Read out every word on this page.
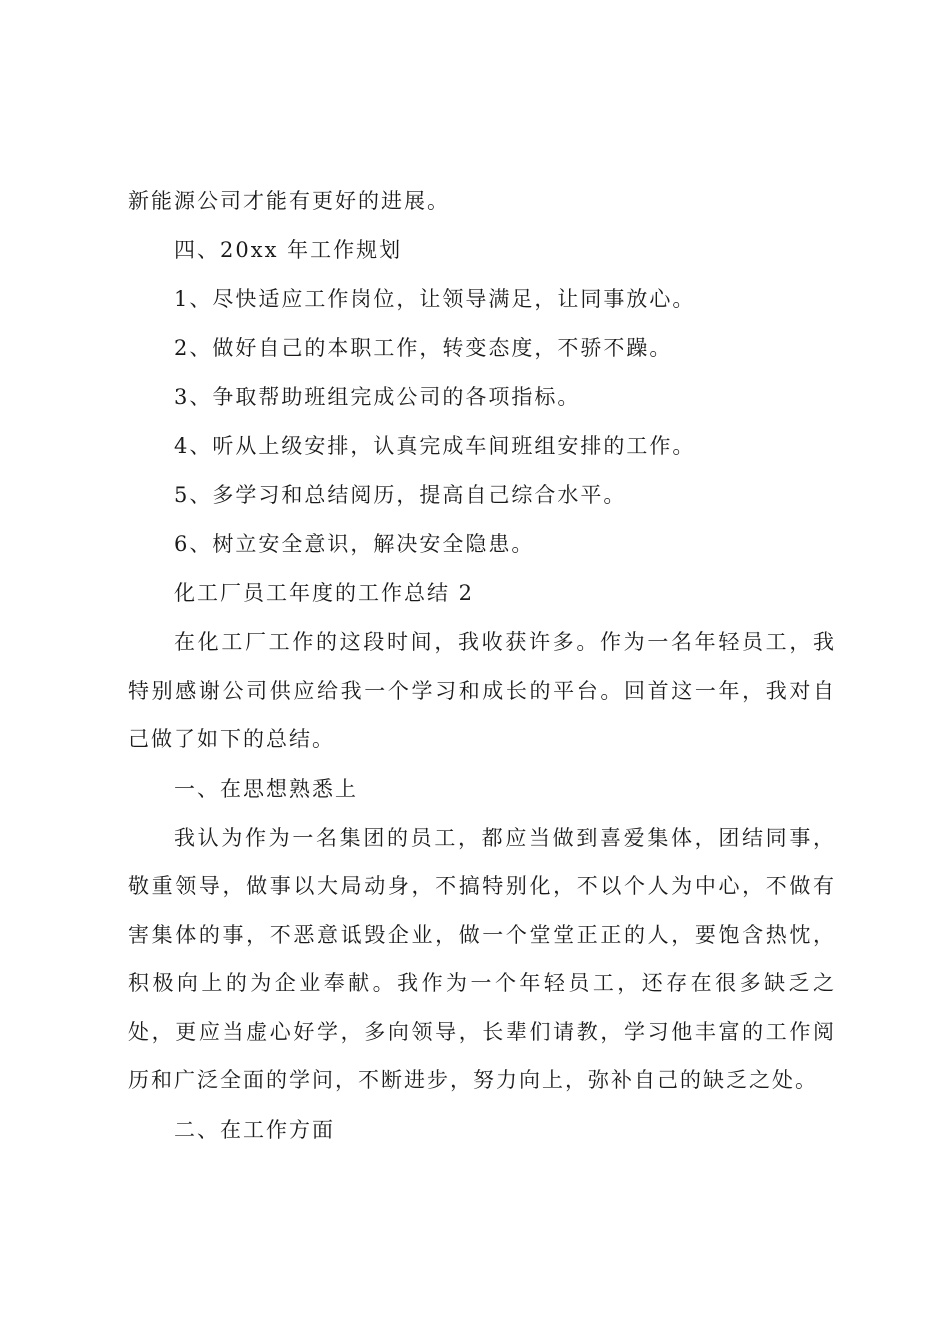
新能源公司才能有更好的进展。
四、20xx 年工作规划
1、尽快适应工作岗位，让领导满足，让同事放心。
2、做好自己的本职工作，转变态度，不骄不躁。
3、争取帮助班组完成公司的各项指标。
4、听从上级安排，认真完成车间班组安排的工作。
5、多学习和总结阅历，提高自己综合水平。
6、树立安全意识，解决安全隐患。
化工厂员工年度的工作总结 2
在化工厂工作的这段时间，我收获许多。作为一名年轻员工，我特别感谢公司供应给我一个学习和成长的平台。回首这一年，我对自己做了如下的总结。
一、在思想熟悉上
我认为作为一名集团的员工，都应当做到喜爱集体，团结同事，敬重领导，做事以大局动身，不搞特别化，不以个人为中心，不做有害集体的事，不恶意诋毁企业，做一个堂堂正正的人，要饱含热忱，积极向上的为企业奉献。我作为一个年轻员工，还存在很多缺乏之处，更应当虚心好学，多向领导，长辈们请教，学习他丰富的工作阅历和广泛全面的学问，不断进步，努力向上，弥补自己的缺乏之处。
二、在工作方面
